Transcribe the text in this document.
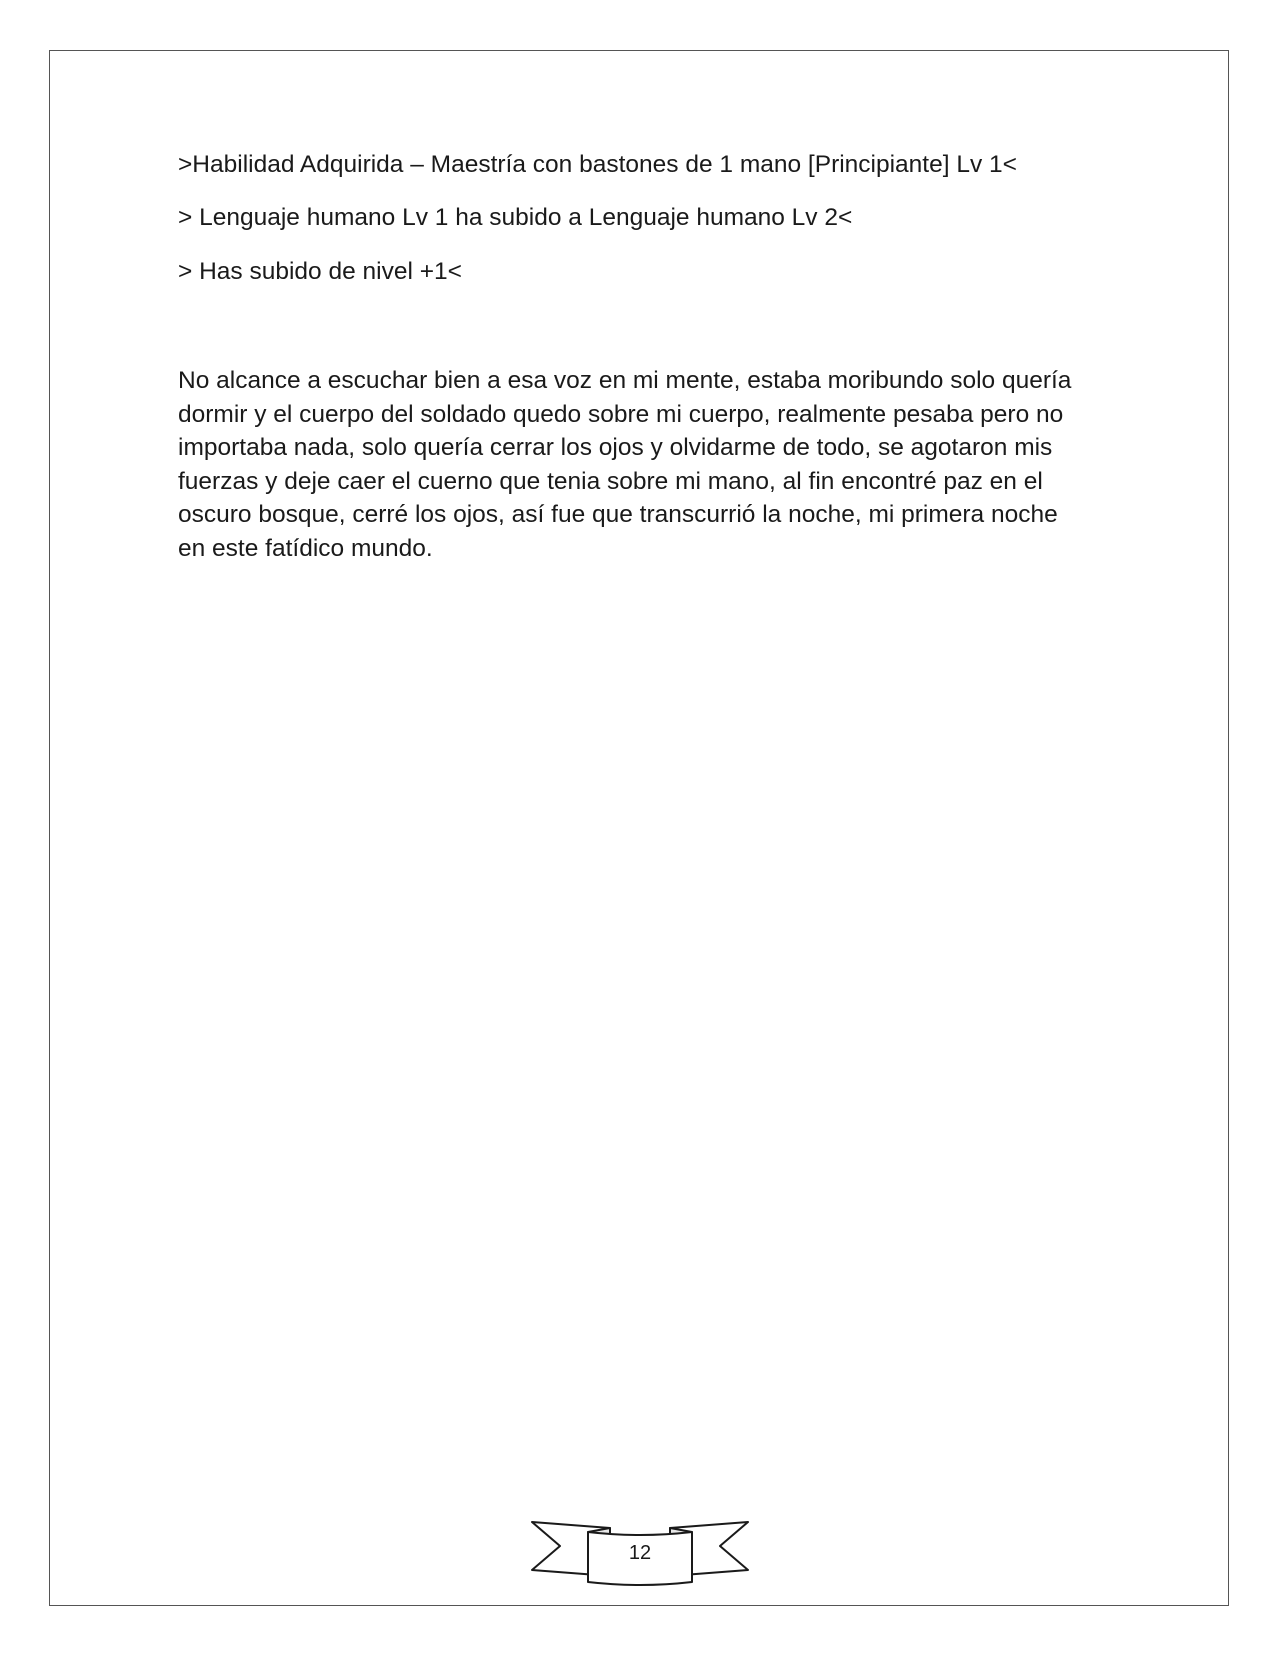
>Habilidad Adquirida – Maestría con bastones de 1 mano [Principiante] Lv 1<

> Lenguaje humano Lv 1 ha subido a Lenguaje humano Lv 2<

> Has subido de nivel +1<

No alcance a escuchar bien a esa voz en mi mente, estaba moribundo solo quería
dormir y el cuerpo del soldado quedo sobre mi cuerpo, realmente pesaba pero no
importaba nada, solo quería cerrar los ojos y olvidarme de todo, se agotaron mis
fuerzas y deje caer el cuerno que tenia sobre mi mano, al fin encontré paz en el
oscuro bosque, cerré los ojos, así fue que transcurrió la noche, mi primera noche
en este fatídico mundo.
12
